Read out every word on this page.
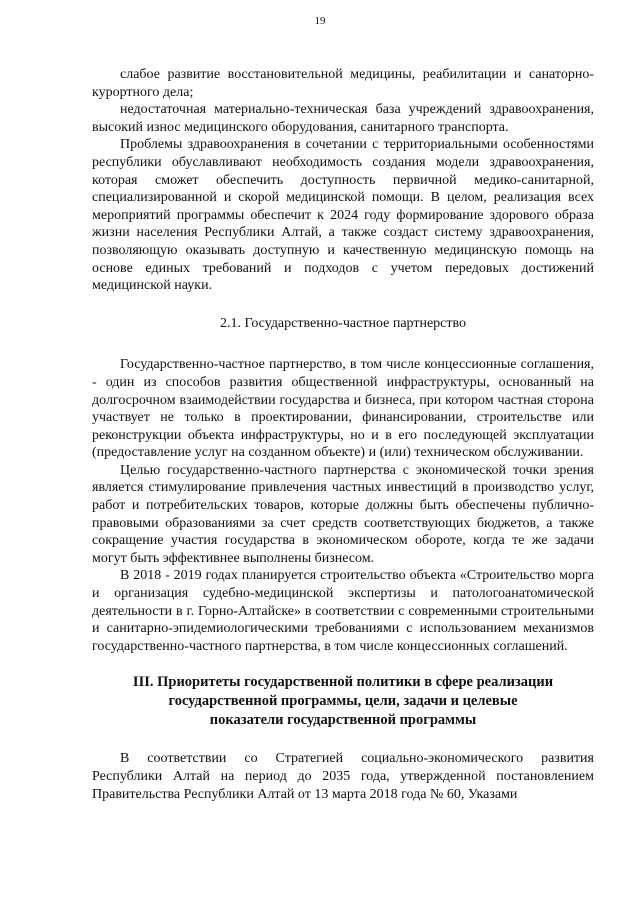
19

слабое развитие восстановительной медицины, реабилитации и санаторно-курортного дела;

недостаточная материально-техническая база учреждений здравоохранения, высокий износ медицинского оборудования, санитарного транспорта.

Проблемы здравоохранения в сочетании с территориальными особенностями республики обуславливают необходимость создания модели здравоохранения, которая сможет обеспечить доступность первичной медико-санитарной, специализированной и скорой медицинской помощи. В целом, реализация всех мероприятий программы обеспечит к 2024 году формирование здорового образа жизни населения Республики Алтай, а также создаст систему здравоохранения, позволяющую оказывать доступную и качественную медицинскую помощь на основе единых требований и подходов с учетом передовых достижений медицинской науки.

2.1. Государственно-частное партнерство

Государственно-частное партнерство, в том числе концессионные соглашения, - один из способов развития общественной инфраструктуры, основанный на долгосрочном взаимодействии государства и бизнеса, при котором частная сторона участвует не только в проектировании, финансировании, строительстве или реконструкции объекта инфраструктуры, но и в его последующей эксплуатации (предоставление услуг на созданном объекте) и (или) техническом обслуживании.

Целью государственно-частного партнерства с экономической точки зрения является стимулирование привлечения частных инвестиций в производство услуг, работ и потребительских товаров, которые должны быть обеспечены публично-правовыми образованиями за счет средств соответствующих бюджетов, а также сокращение участия государства в экономическом обороте, когда те же задачи могут быть эффективнее выполнены бизнесом.

В 2018 - 2019 годах планируется строительство объекта «Строительство морга и организация судебно-медицинской экспертизы и патологоанатомической деятельности в г. Горно-Алтайске» в соответствии с современными строительными и санитарно-эпидемиологическими требованиями с использованием механизмов государственно-частного партнерства, в том числе концессионных соглашений.

III. Приоритеты государственной политики в сфере реализации
государственной программы, цели, задачи и целевые
показатели государственной программы

В соответствии со Стратегией социально-экономического развития Республики Алтай на период до 2035 года, утвержденной постановлением Правительства Республики Алтай от 13 марта 2018 года № 60, Указами
